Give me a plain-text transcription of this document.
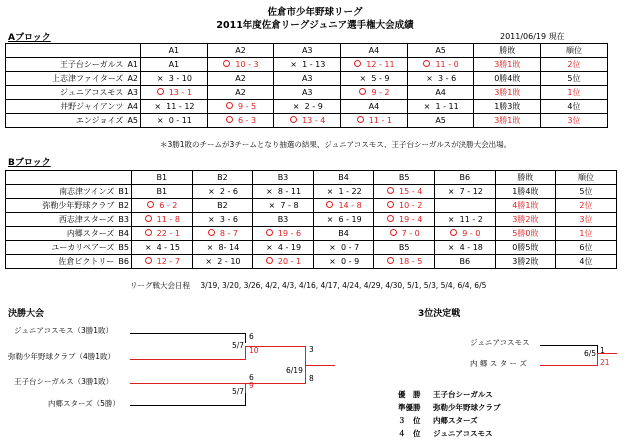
佐倉市少年野球リーグ
2011年度佐倉リーグジュニア選手権大会成績
2011/06/19 現在
Aブロック
	A1	A2	A3	A4	A5	勝敗	順位
王子台シーガルス A1	A1	10 - 3	× 1 - 13	12 - 11	11 - 0	3勝1敗	2位
上志津ファイターズ A2	× 3 - 10	A2	A3	× 5 - 9	× 3 - 6	0勝4敗	5位
ジュニアコスモス A3	13 - 1	A2	A3	9 - 2	A4	3勝1敗	1位
井野ジャイアンツ A4	× 11 - 12	9 - 5	× 2 - 9	A4	× 1 - 11	1勝3敗	4位
エンジョイズ A5	× 0 - 11	6 - 3	13 - 4	11 - 1	A5	3勝1敗	3位
＊3勝1敗のチームが3チームとなり抽選の結果、ジュニアコスモス、王子台シーガルスが決勝大会出場。
Bブロック
	B1	B2	B3	B4	B5	B6	勝敗	順位
南志津ツインズ B1	B1	× 2 - 6	× 8 - 11	× 1 - 22	15 - 4	× 7 - 12	1勝4敗	5位
弥勒少年野球クラブ B2	6 - 2	B2	× 7 - 8	14 - 8	10 - 2		4勝1敗	2位
西志津スターズ B3	11 - 8	× 3 - 6	B3	× 6 - 19	19 - 4	× 11 - 2	3勝2敗	3位
内郷スターズ B4	22 - 1	8 - 7	19 - 6	B4	7 - 0	9 - 0	5勝0敗	1位
ユーカリペアーズ B5	× 4 - 15	× 8- 14	× 4 - 19	× 0 - 7	B5	× 4 - 18	0勝5敗	6位
佐倉ビクトリー B6	12 - 7	× 2 - 10	20 - 1	× 0 - 9	18 - 5	B6	3勝2敗	4位
リーグ戦大会日程 3/19, 3/20, 3/26, 4/2, 4/3, 4/16, 4/17, 4/24, 4/29, 4/30, 5/1, 5/3, 5/4, 6/4, 6/5
決勝大会
ジュニアコスモス（3勝1敗）
弥勒少年野球クラブ（4勝1敗）
王子台シーガルス（3勝1敗）
内郷スターズ（5勝）
5/7
6
10
5/7
6
9
6/19
3
8
3位決定戦
ジュニアコスモス
内 郷 ス タ ー ズ
6/5 1
21
優　勝 王子台シーガルス
準優勝 弥勒少年野球クラブ
３　位 内郷スターズ
４　位 ジュニアコスモス
